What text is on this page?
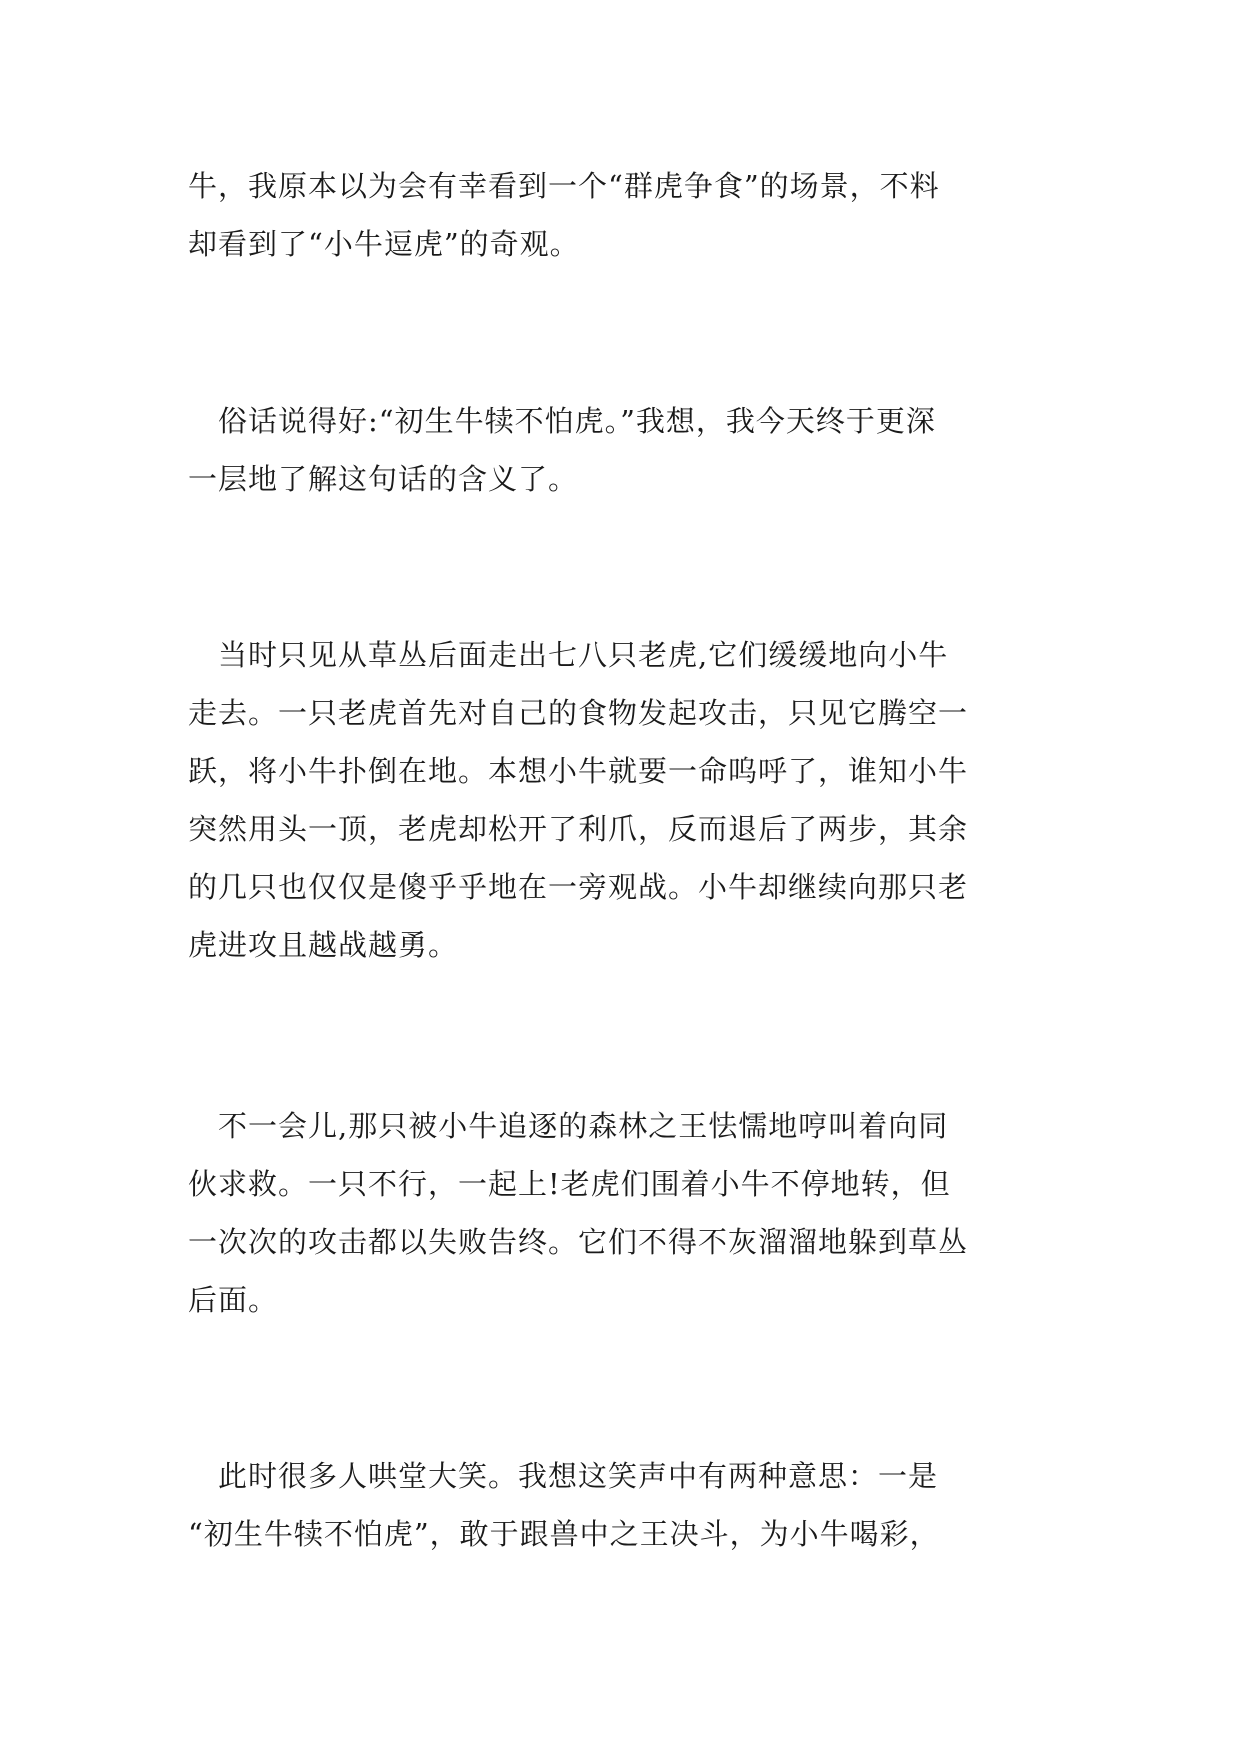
牛，我原本以为会有幸看到一个“群虎争食”的场景，不料
却看到了“小牛逗虎”的奇观。

　俗话说得好:“初生牛犊不怕虎。”我想，我今天终于更深
一层地了解这句话的含义了。

　当时只见从草丛后面走出七八只老虎,它们缓缓地向小牛
走去。一只老虎首先对自己的食物发起攻击，只见它腾空一
跃，将小牛扑倒在地。本想小牛就要一命呜呼了，谁知小牛
突然用头一顶，老虎却松开了利爪，反而退后了两步，其余
的几只也仅仅是傻乎乎地在一旁观战。小牛却继续向那只老
虎进攻且越战越勇。

　不一会儿,那只被小牛追逐的森林之王怯懦地哼叫着向同
伙求救。一只不行，一起上!老虎们围着小牛不停地转，但
一次次的攻击都以失败告终。它们不得不灰溜溜地躲到草丛
后面。

　此时很多人哄堂大笑。我想这笑声中有两种意思：一是
“初生牛犊不怕虎”，敢于跟兽中之王决斗，为小牛喝彩，
